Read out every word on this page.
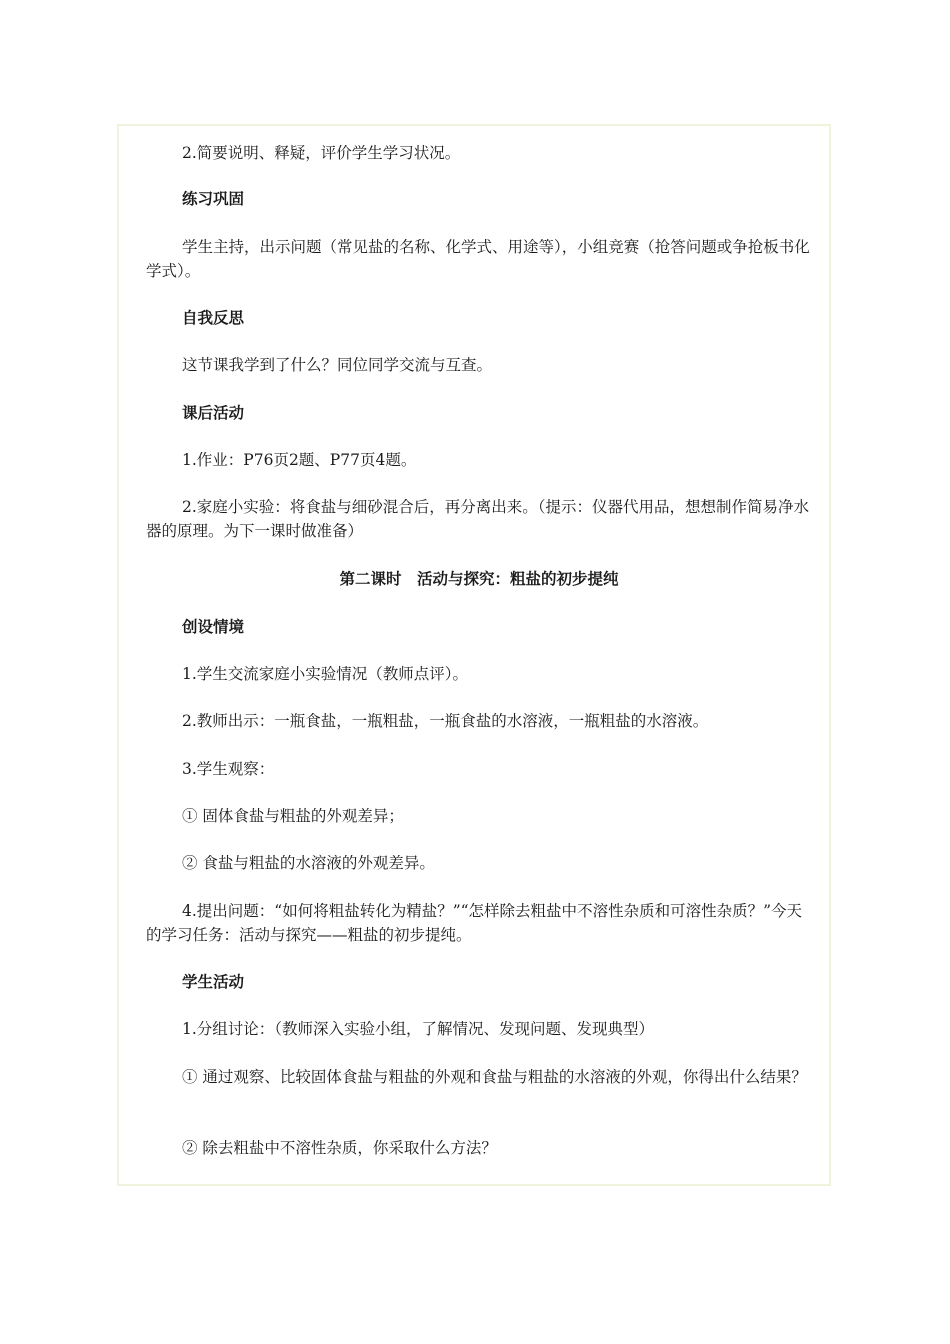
2.简要说明、释疑，评价学生学习状况。

练习巩固

学生主持，出示问题（常见盐的名称、化学式、用途等），小组竞赛（抢答问题或争抢板书化学式）。

自我反思

这节课我学到了什么？同位同学交流与互查。

课后活动

1.作业：P76页2题、P77页4题。

2.家庭小实验：将食盐与细砂混合后，再分离出来。（提示：仪器代用品，想想制作简易净水器的原理。为下一课时做准备）

第二课时　活动与探究：粗盐的初步提纯

创设情境

1.学生交流家庭小实验情况（教师点评）。

2.教师出示：一瓶食盐，一瓶粗盐，一瓶食盐的水溶液，一瓶粗盐的水溶液。

3.学生观察：

① 固体食盐与粗盐的外观差异；

② 食盐与粗盐的水溶液的外观差异。

4.提出问题：“如何将粗盐转化为精盐？”“怎样除去粗盐中不溶性杂质和可溶性杂质？”今天的学习任务：活动与探究——粗盐的初步提纯。

学生活动

1.分组讨论：（教师深入实验小组，了解情况、发现问题、发现典型）

① 通过观察、比较固体食盐与粗盐的外观和食盐与粗盐的水溶液的外观，你得出什么结果？

② 除去粗盐中不溶性杂质，你采取什么方法？
